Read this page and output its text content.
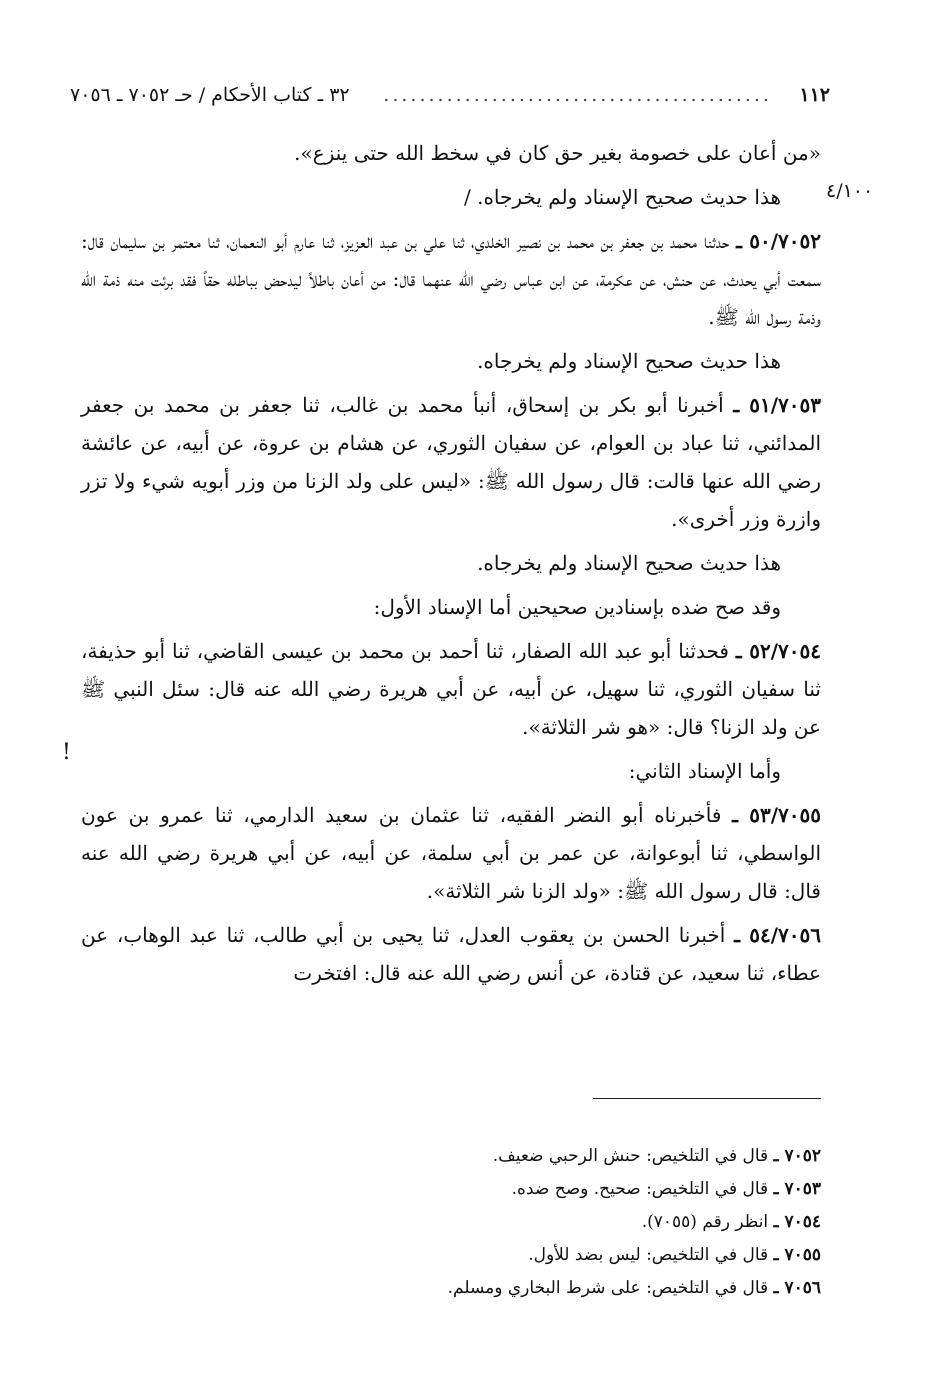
١١٢
...........................................
٣٢ ـ كتاب الأحكام / حـ ٧٠٥٢ ـ ٧٠٥٦
٤/١٠٠
!

«من أعان على خصومة بغير حق كان في سخط الله حتى ينزع».

هذا حديث صحيح الإسناد ولم يخرجاه. /

٥٠/٧٠٥٢ ـ حدثنا محمد بن جعفر بن محمد بن نصير الخلدي، ثنا علي بن عبد العزيز، ثنا عارم أبو النعمان، ثنا معتمر بن سليمان قال: سمعت أبي يحدث، عن حنش، عن عكرمة، عن ابن عباس رضي الله عنهما قال: من أعان باطلاً ليدحض بباطله حقاً فقد برئت منه ذمة الله وذمة رسول الله ﷺ.

هذا حديث صحيح الإسناد ولم يخرجاه.

٥١/٧٠٥٣ ـ أخبرنا أبو بكر بن إسحاق، أنبأ محمد بن غالب، ثنا جعفر بن محمد بن جعفر المدائني، ثنا عباد بن العوام، عن سفيان الثوري، عن هشام بن عروة، عن أبيه، عن عائشة رضي الله عنها قالت: قال رسول الله ﷺ: «ليس على ولد الزنا من وزر أبويه شيء ولا تزر وازرة وزر أخرى».

هذا حديث صحيح الإسناد ولم يخرجاه.

وقد صح ضده بإسنادين صحيحين أما الإسناد الأول:

٥٢/٧٠٥٤ ـ فحدثنا أبو عبد الله الصفار، ثنا أحمد بن محمد بن عيسى القاضي، ثنا أبو حذيفة، ثنا سفيان الثوري، ثنا سهيل، عن أبيه، عن أبي هريرة رضي الله عنه قال: سئل النبي ﷺ عن ولد الزنا؟ قال: «هو شر الثلاثة».

وأما الإسناد الثاني:

٥٣/٧٠٥٥ ـ فأخبرناه أبو النضر الفقيه، ثنا عثمان بن سعيد الدارمي، ثنا عمرو بن عون الواسطي، ثنا أبوعوانة، عن عمر بن أبي سلمة، عن أبيه، عن أبي هريرة رضي الله عنه قال: قال رسول الله ﷺ: «ولد الزنا شر الثلاثة».

٥٤/٧٠٥٦ ـ أخبرنا الحسن بن يعقوب العدل، ثنا يحيى بن أبي طالب، ثنا عبد الوهاب، عن عطاء، ثنا سعيد، عن قتادة، عن أنس رضي الله عنه قال: افتخرت

٧٠٥٢ ـ قال في التلخيص: حنش الرحبي ضعيف.

٧٠٥٣ ـ قال في التلخيص: صحيح. وصح ضده.

٧٠٥٤ ـ انظر رقم (٧٠٥٥).

٧٠٥٥ ـ قال في التلخيص: ليس بضد للأول.

٧٠٥٦ ـ قال في التلخيص: على شرط البخاري ومسلم.
